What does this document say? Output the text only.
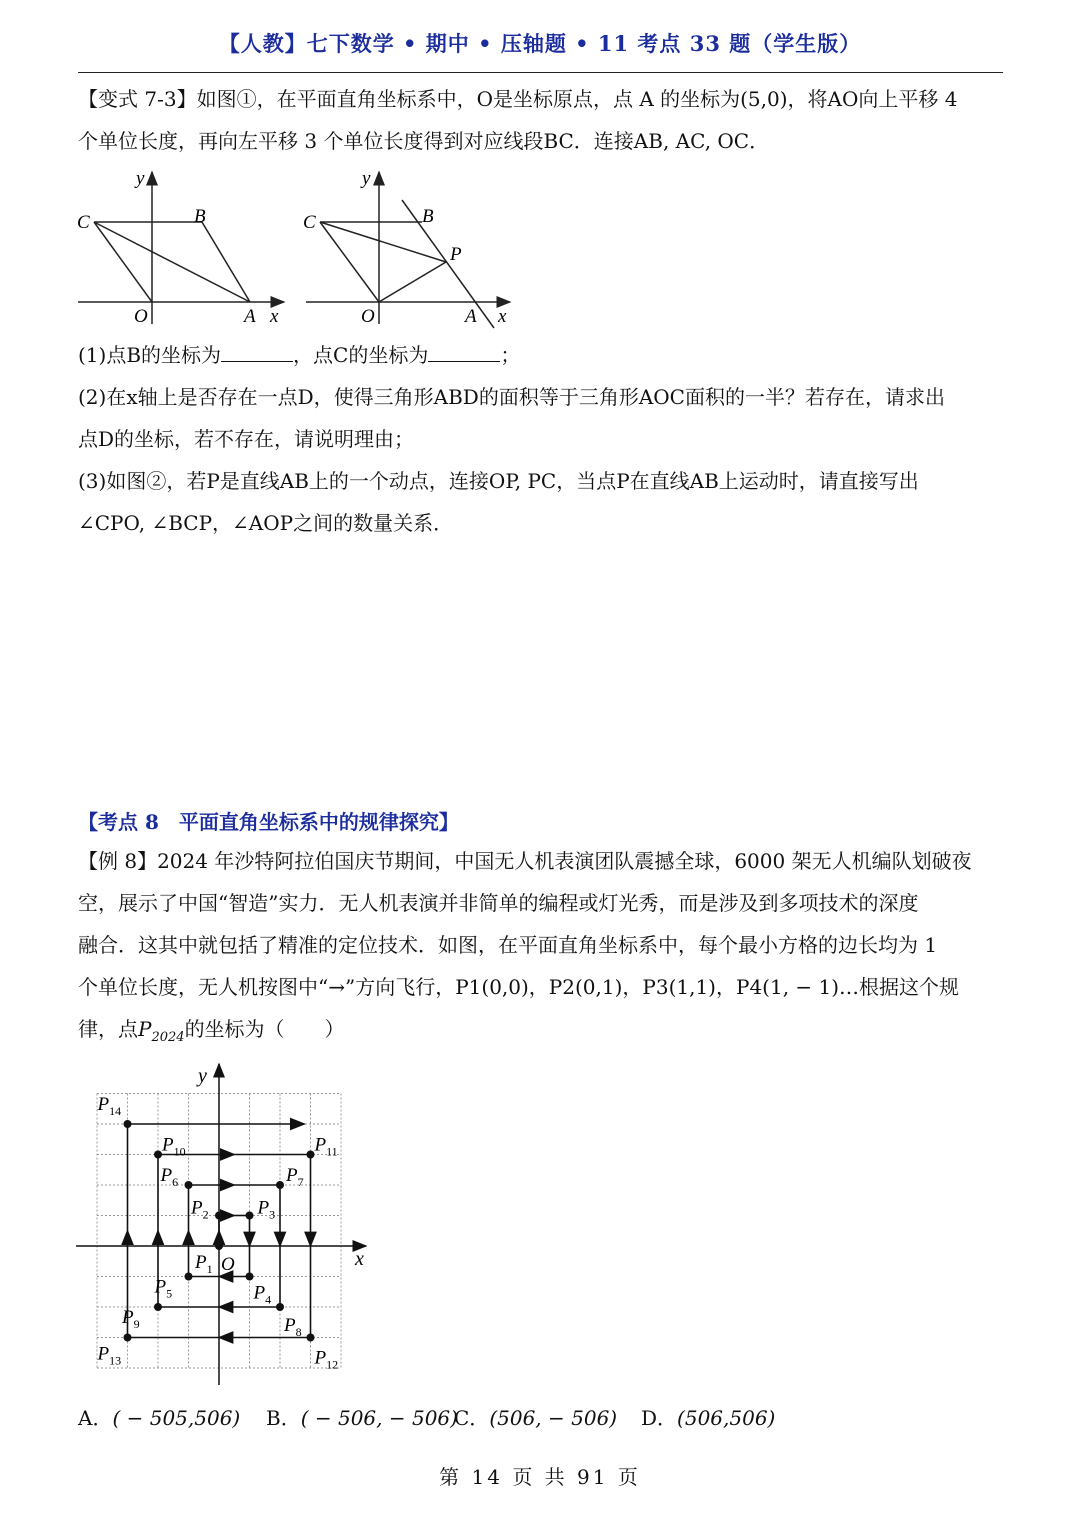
【人教】七下数学 • 期中 • 压轴题 • 11 考点 33 题（学生版）
【变式 7-3】如图①，在平面直角坐标系中，O是坐标原点，点 A 的坐标为(5,0)，将AO向上平移 4
个单位长度，再向左平移 3 个单位长度得到对应线段BC．连接AB, AC, OC．
y
x
C	B
O	A
y
x
C	B
P
O	A
(1)点B的坐标为	，点C的坐标为	；
(2)在x轴上是否存在一点D，使得三角形ABD的面积等于三角形AOC面积的一半？若存在，请求出
点D的坐标，若不存在，请说明理由；
(3)如图②，若P是直线AB上的一个动点，连接OP, PC，当点P在直线AB上运动时，请直接写出
∠CPO, ∠BCP，∠AOP之间的数量关系．
【考点 8　平面直角坐标系中的规律探究】
【例 8】2024 年沙特阿拉伯国庆节期间，中国无人机表演团队震撼全球，6000 架无人机编队划破夜
空，展示了中国“智造”实力．无人机表演并非简单的编程或灯光秀，而是涉及到多项技术的深度
融合．这其中就包括了精准的定位技术．如图，在平面直角坐标系中，每个最小方格的边长均为 1
个单位长度，无人机按图中“→”方向飞行，P1(0,0)，P2(0,1)，P3(1,1)，P4(1, − 1)…根据这个规
律，点$P_{2024}$的坐标为（　　）
$P_1$
$P_2$	$P_3$
$P_4$
$P_5$
$P_6$	$P_7$
$P_8$
$P_9$
$P_{10}$	$P_{11}$
$P_{12}$
$P_{13}$
$P_{14}$
x
y
O
A．( − 505,506) B．( − 506, − 506)
C．(506, − 506) D．(506,506)
第 14 页 共 91 页
